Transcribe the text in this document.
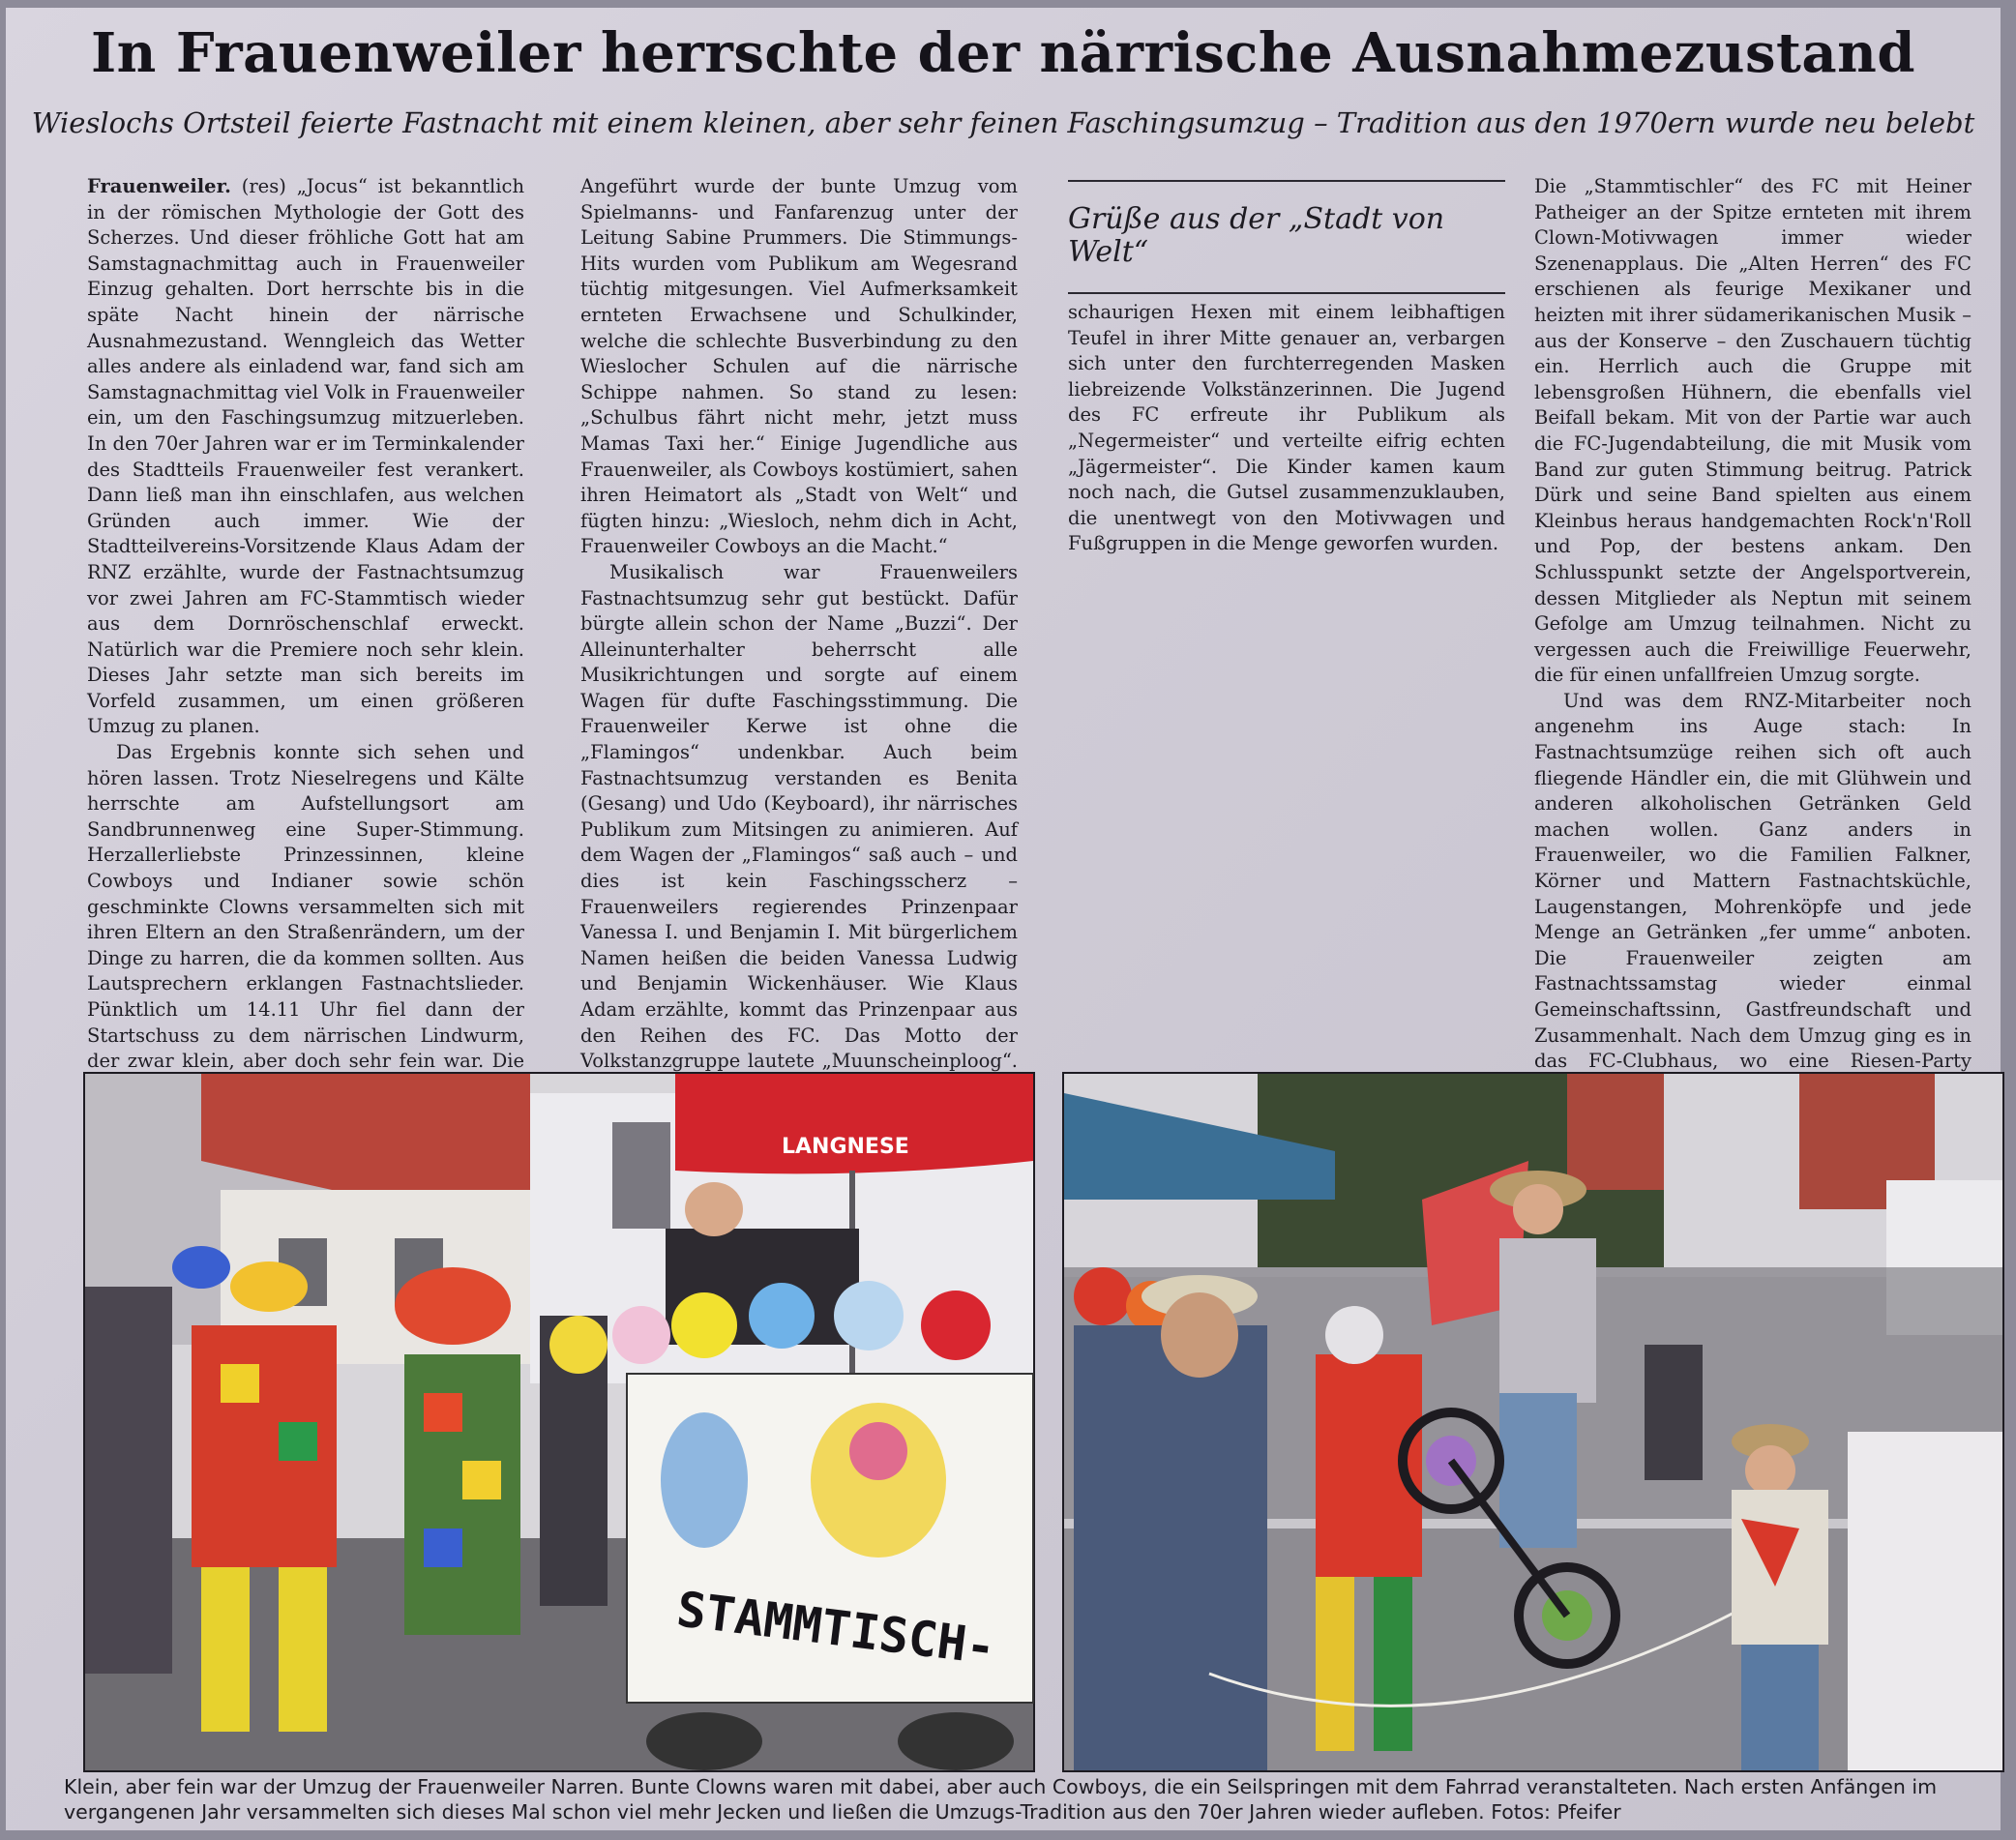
In Frauenweiler herrschte der närrische Ausnahmezustand
Wieslochs Ortsteil feierte Fastnacht mit einem kleinen, aber sehr feinen Faschingsumzug – Tradition aus den 1970ern wurde neu belebt

Frauenweiler. (res) „Jocus“ ist bekanntlich in der römischen Mythologie der Gott des Scherzes. Und dieser fröhliche Gott hat am Samstagnachmittag auch in Frauenweiler Einzug gehalten. Dort herrschte bis in die späte Nacht hinein der närrische Ausnahmezustand. Wenngleich das Wetter alles andere als einladend war, fand sich am Samstagnachmittag viel Volk in Frauenweiler ein, um den Faschingsumzug mitzuerleben. In den 70er Jahren war er im Terminkalender des Stadtteils Frauenweiler fest verankert. Dann ließ man ihn einschlafen, aus welchen Gründen auch immer. Wie der Stadtteilvereins-Vorsitzende Klaus Adam der RNZ erzählte, wurde der Fastnachtsumzug vor zwei Jahren am FC-Stammtisch wieder aus dem Dornröschenschlaf erweckt. Natürlich war die Premiere noch sehr klein. Dieses Jahr setzte man sich bereits im Vorfeld zusammen, um einen größeren Umzug zu planen.

Das Ergebnis konnte sich sehen und hören lassen. Trotz Nieselregens und Kälte herrschte am Aufstellungsort am Sandbrunnenweg eine Super-Stimmung. Herzallerliebste Prinzessinnen, kleine Cowboys und Indianer sowie schön geschminkte Clowns versammelten sich mit ihren Eltern an den Straßenrändern, um der Dinge zu harren, die da kommen sollten. Aus Lautsprechern erklangen Fastnachtslieder. Pünktlich um 14.11 Uhr fiel dann der Startschuss zu dem närrischen Lindwurm, der zwar klein, aber doch sehr fein war. Die

Angeführt wurde der bunte Umzug vom Spielmanns- und Fanfarenzug unter der Leitung Sabine Prummers. Die Stimmungs-Hits wurden vom Publikum am Wegesrand tüchtig mitgesungen. Viel Aufmerksamkeit ernteten Erwachsene und Schulkinder, welche die schlechte Busverbindung zu den Wieslocher Schulen auf die närrische Schippe nahmen. So stand zu lesen: „Schulbus fährt nicht mehr, jetzt muss Mamas Taxi her.“ Einige Jugendliche aus Frauenweiler, als Cowboys kostümiert, sahen ihren Heimatort als „Stadt von Welt“ und fügten hinzu: „Wiesloch, nehm dich in Acht, Frauenweiler Cowboys an die Macht.“

Musikalisch war Frauenweilers Fastnachtsumzug sehr gut bestückt. Dafür bürgte allein schon der Name „Buzzi“. Der Alleinunterhalter beherrscht alle Musikrichtungen und sorgte auf einem Wagen für dufte Faschingsstimmung. Die Frauenweiler Kerwe ist ohne die „Flamingos“ undenkbar. Auch beim Fastnachtsumzug verstanden es Benita (Gesang) und Udo (Keyboard), ihr närrisches Publikum zum Mitsingen zu animieren. Auf dem Wagen der „Flamingos“ saß auch – und dies ist kein Faschingsscherz – Frauenweilers regierendes Prinzenpaar Vanessa I. und Benjamin I. Mit bürgerlichem Namen heißen die beiden Vanessa Ludwig und Benjamin Wickenhäuser. Wie Klaus Adam erzählte, kommt das Prinzenpaar aus den Reihen des FC. Das Motto der Volkstanzgruppe lautete „Muunscheinploog“.

Grüße aus der „Stadt von Welt“

schaurigen Hexen mit einem leibhaftigen Teufel in ihrer Mitte genauer an, verbargen sich unter den furchterregenden Masken liebreizende Volkstänzerinnen. Die Jugend des FC erfreute ihr Publikum als „Negermeister“ und verteilte eifrig echten „Jägermeister“. Die Kinder kamen kaum noch nach, die Gutsel zusammenzuklauben, die unentwegt von den Motivwagen und Fußgruppen in die Menge geworfen wurden.

Die „Stammtischler“ des FC mit Heiner Patheiger an der Spitze ernteten mit ihrem Clown-Motivwagen immer wieder Szenenapplaus. Die „Alten Herren“ des FC erschienen als feurige Mexikaner und heizten mit ihrer südamerikanischen Musik – aus der Konserve – den Zuschauern tüchtig ein. Herrlich auch die Gruppe mit lebensgroßen Hühnern, die ebenfalls viel Beifall bekam. Mit von der Partie war auch die FC-Jugendabteilung, die mit Musik vom Band zur guten Stimmung beitrug. Patrick Dürk und seine Band spielten aus einem Kleinbus heraus handgemachten Rock'n'Roll und Pop, der bestens ankam. Den Schlusspunkt setzte der Angelsportverein, dessen Mitglieder als Neptun mit seinem Gefolge am Umzug teilnahmen. Nicht zu vergessen auch die Freiwillige Feuerwehr, die für einen unfallfreien Umzug sorgte.

Und was dem RNZ-Mitarbeiter noch angenehm ins Auge stach: In Fastnachtsumzüge reihen sich oft auch fliegende Händler ein, die mit Glühwein und anderen alkoholischen Getränken Geld machen wollen. Ganz anders in Frauenweiler, wo die Familien Falkner, Körner und Mattern Fastnachtsküchle, Laugenstangen, Mohrenköpfe und jede Menge an Getränken „fer umme“ anboten. Die Frauenweiler zeigten am Fastnachtssamstag wieder einmal Gemeinschaftssinn, Gastfreundschaft und Zusammenhalt. Nach dem Umzug ging es in das FC-Clubhaus, wo eine Riesen-Party

LANGNESE
STAMMTISCH-
Klein, aber fein war der Umzug der Frauenweiler Narren. Bunte Clowns waren mit dabei, aber auch Cowboys, die ein Seilspringen mit dem Fahrrad veranstalteten. Nach ersten Anfängen im vergangenen Jahr versammelten sich dieses Mal schon viel mehr Jecken und ließen die Umzugs-Tradition aus den 70er Jahren wieder aufleben. Fotos: Pfeifer
